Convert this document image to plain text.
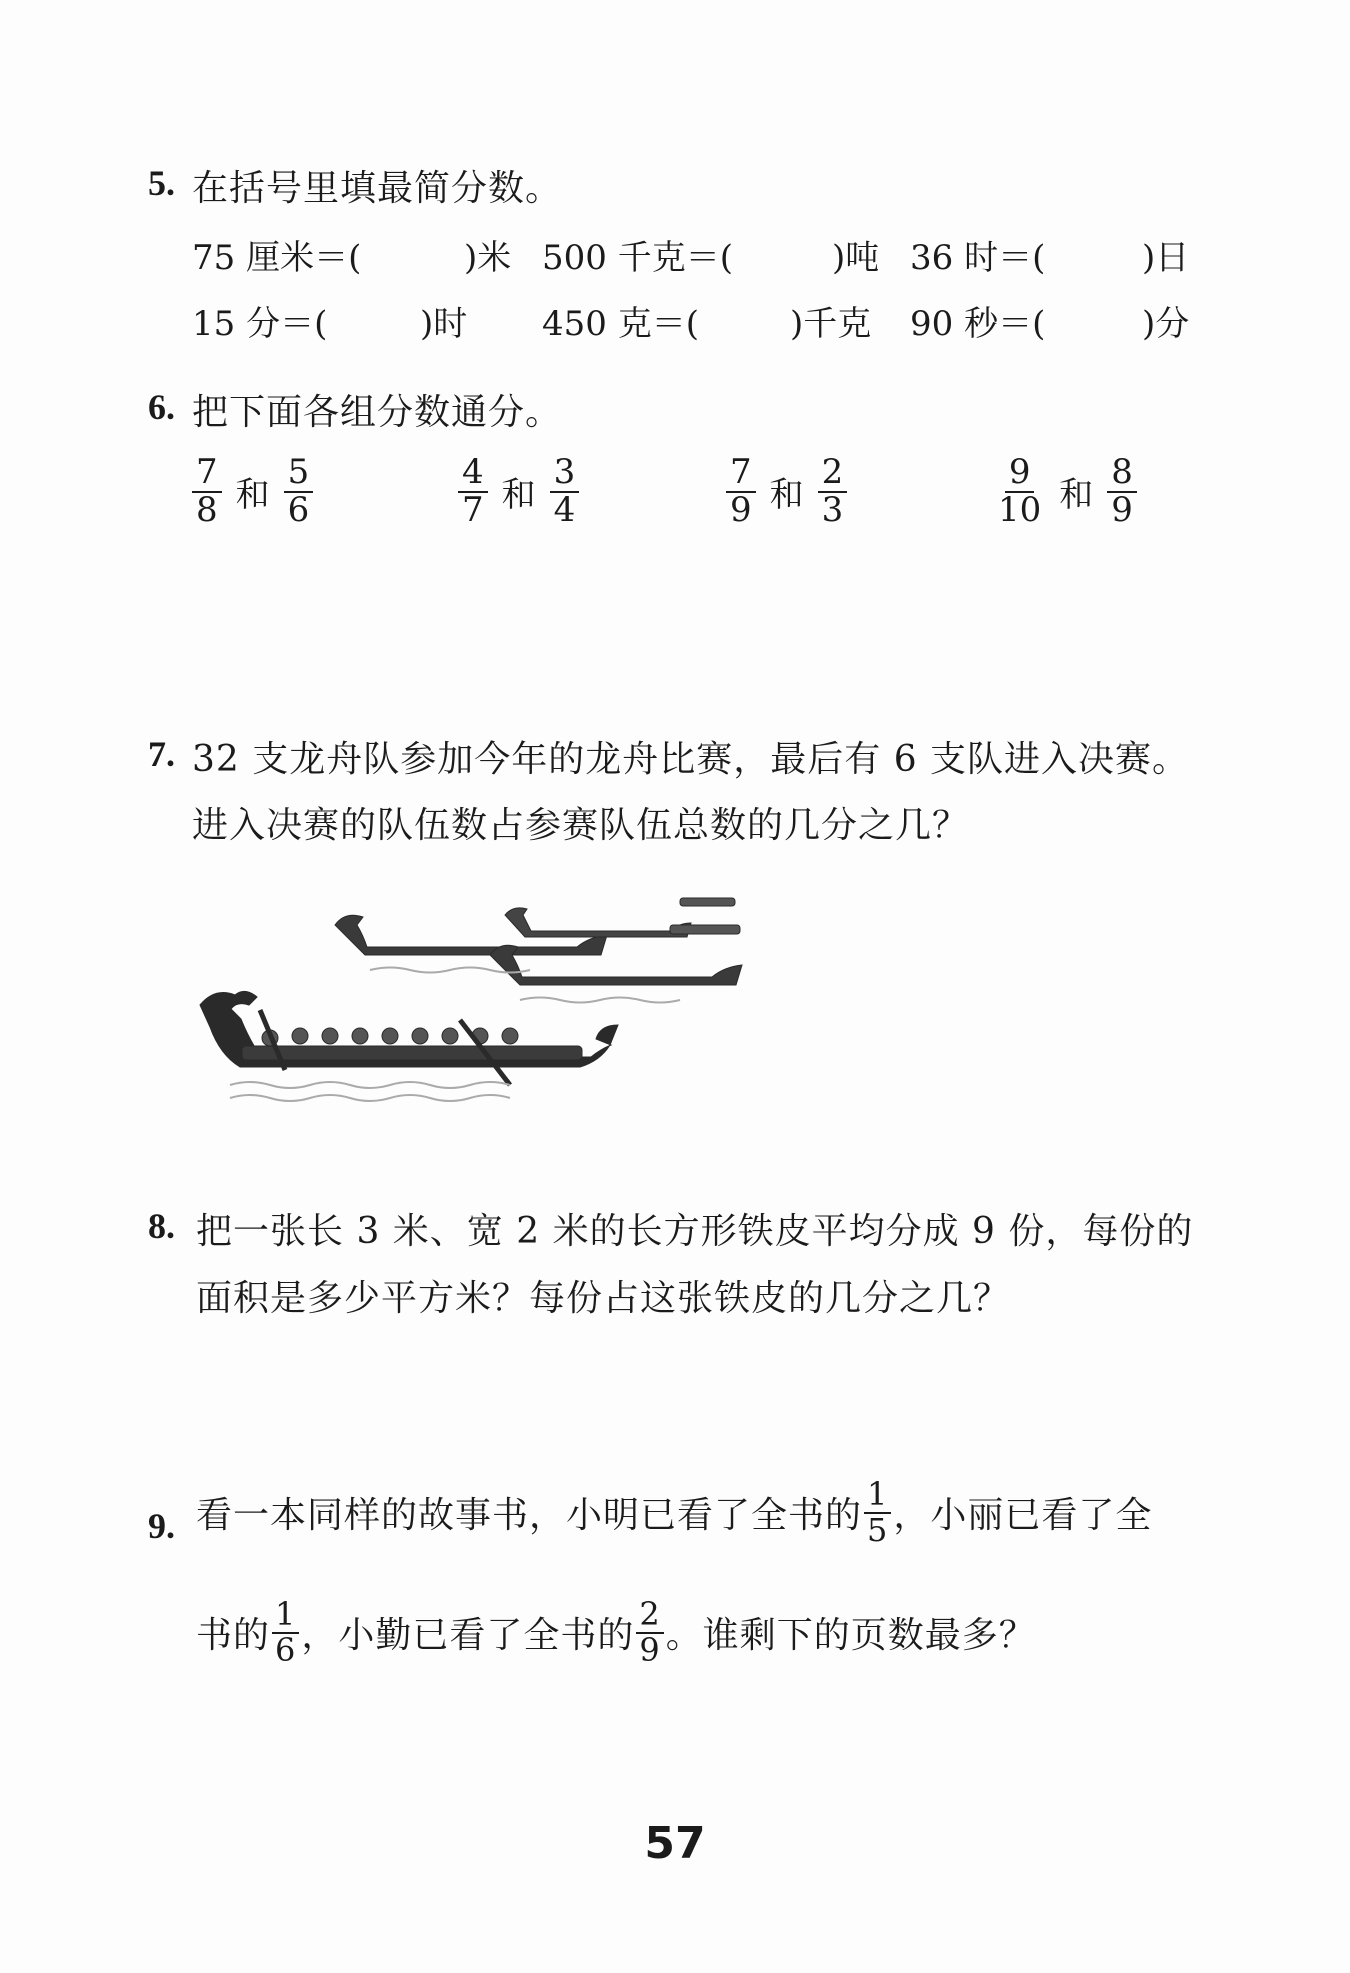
5. 在括号里填最简分数。
75 厘米＝(	)米 500 千克＝(	)吨 36 时＝(	)日
15 分＝(	)时 450 克＝(	)千克 90 秒＝(	)分
6. 把下面各组分数通分。
$\frac{7}{8}$ 和 $\frac{5}{6}$	$\frac{4}{7}$ 和 $\frac{3}{4}$	$\frac{7}{9}$ 和 $\frac{2}{3}$	$\frac{9}{10}$ 和 $\frac{8}{9}$
7. 32 支龙舟队参加今年的龙舟比赛，最后有 6 支队进入决赛。
进入决赛的队伍数占参赛队伍总数的几分之几？
8. 把一张长 3 米、宽 2 米的长方形铁皮平均分成 9 份，每份的
面积是多少平方米？每份占这张铁皮的几分之几？
9. 看一本同样的故事书，小明已看了全书的 $\frac{1}{5}$ ，小丽已看了全
书的 $\frac{1}{6}$ ，小勤已看了全书的 $\frac{2}{9}$ 。谁剩下的页数最多？
57
